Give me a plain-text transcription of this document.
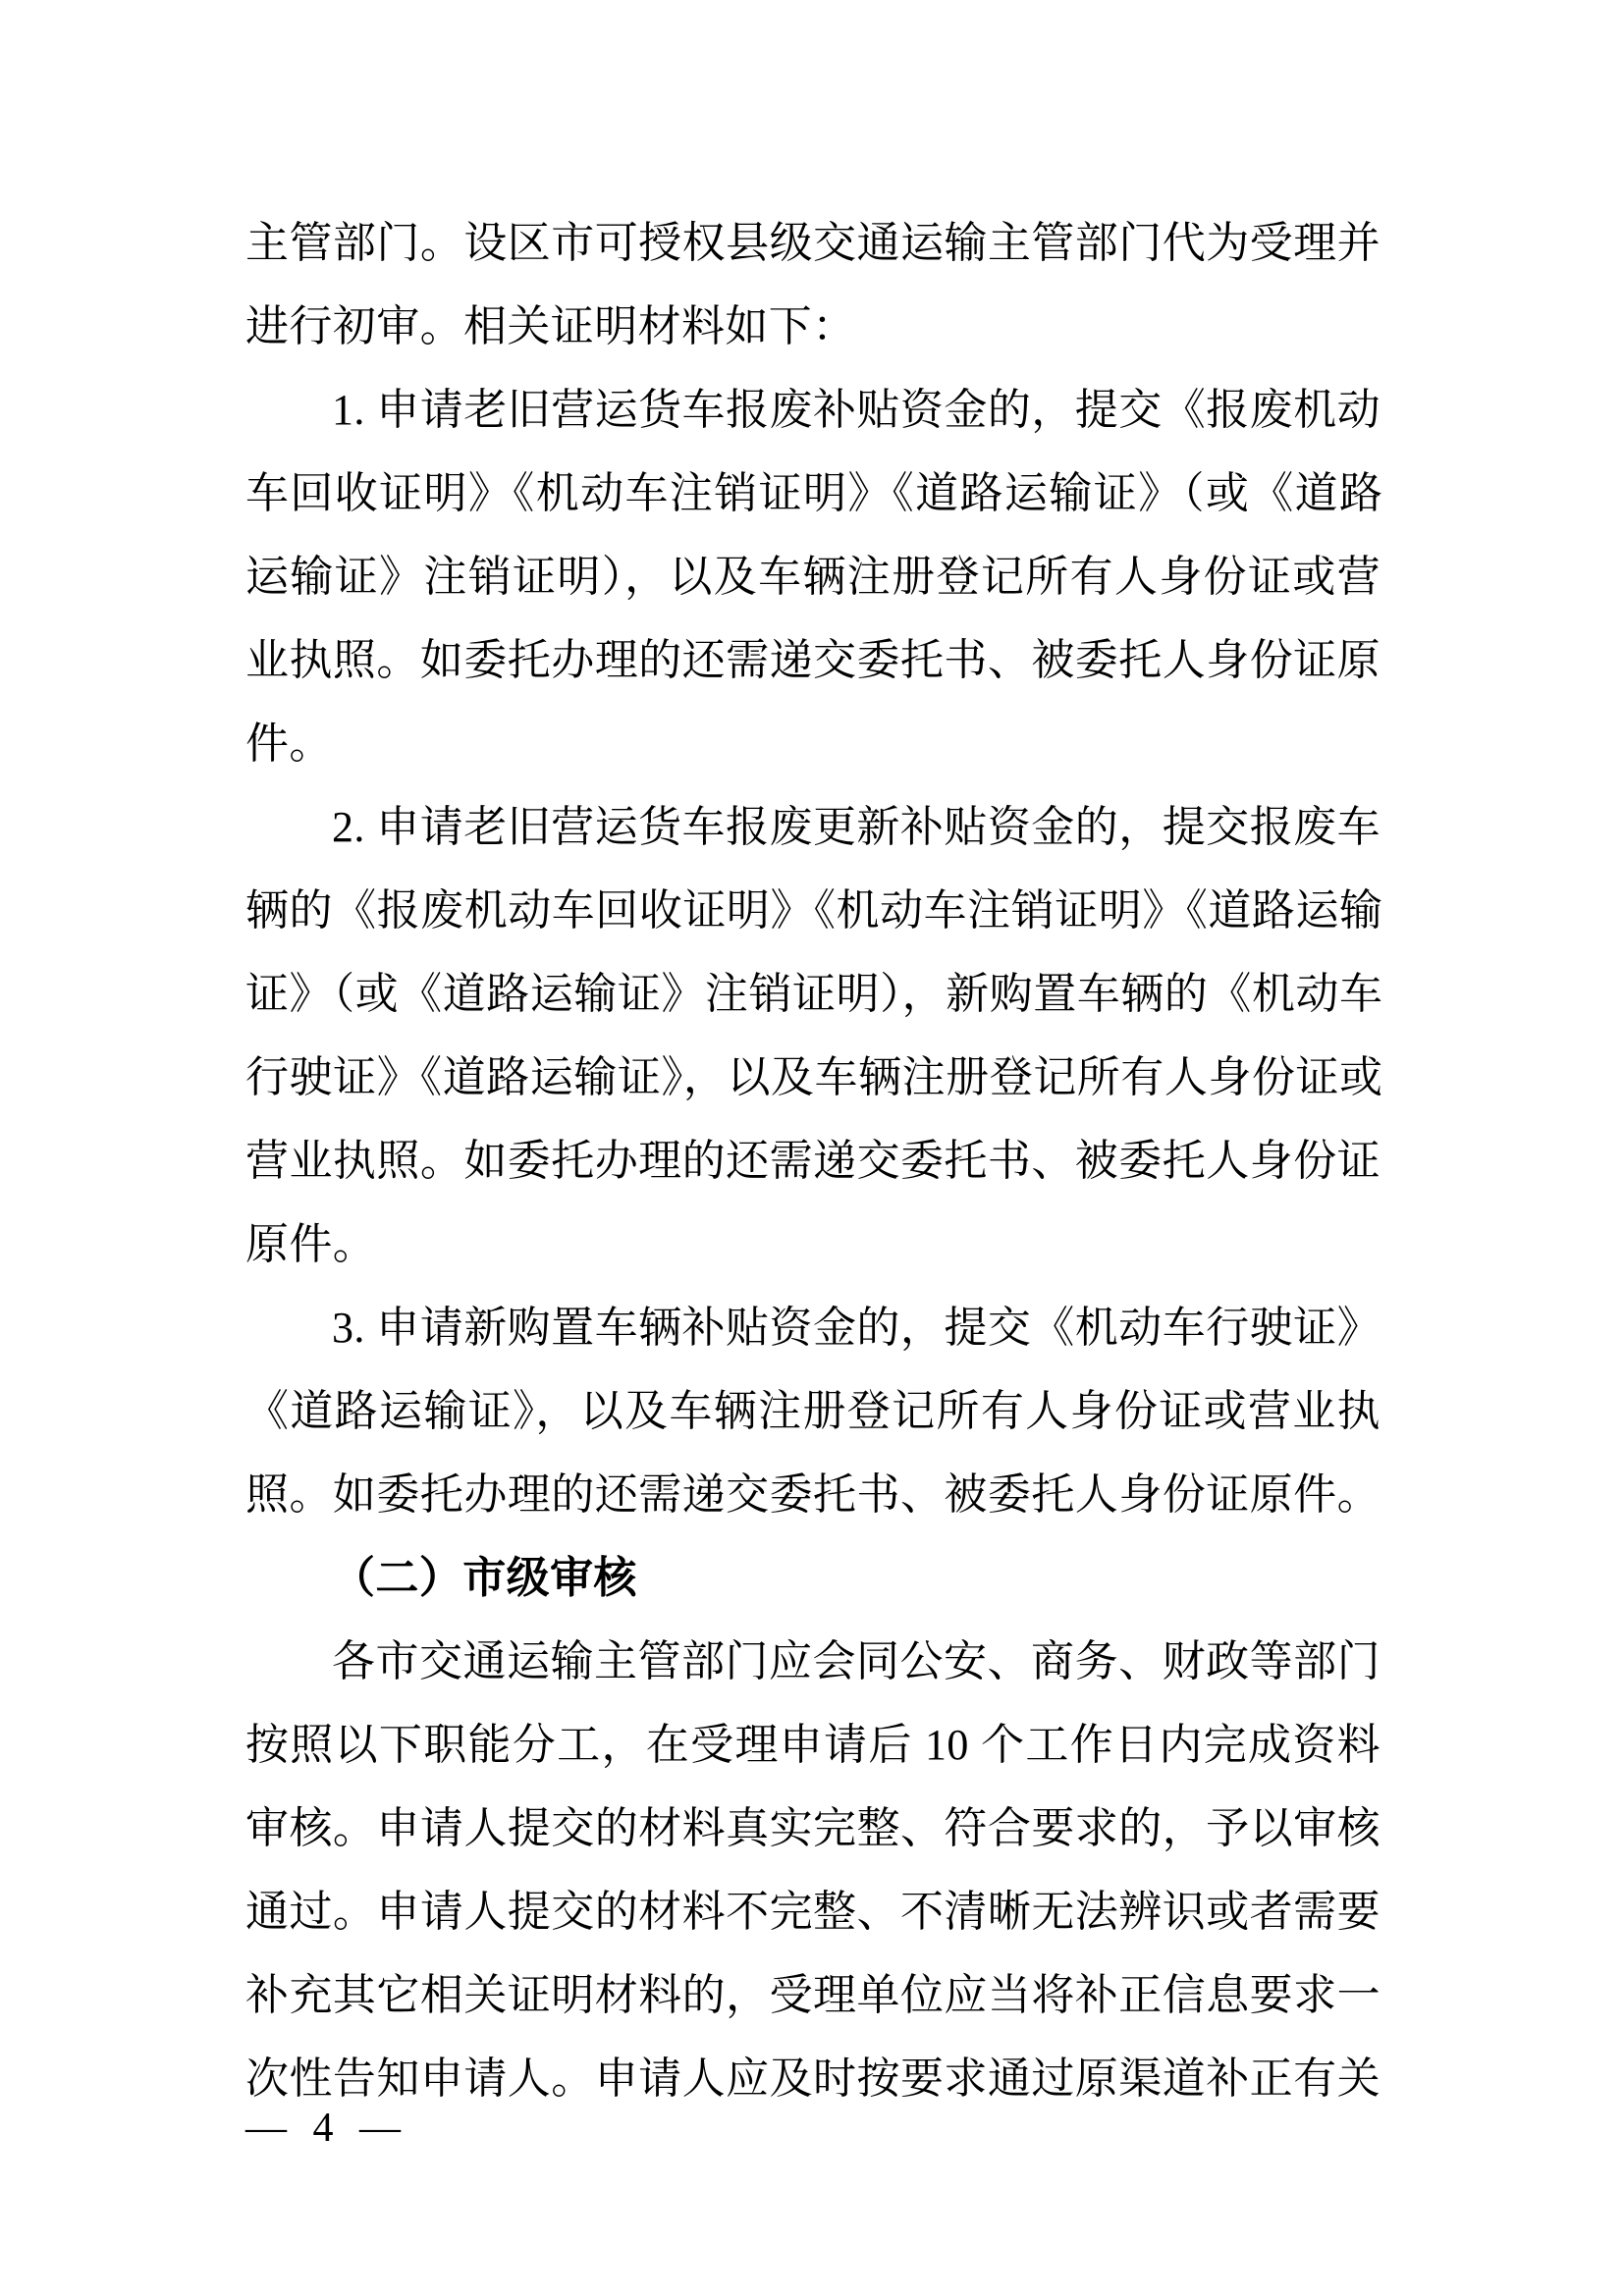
主管部门。设区市可授权县级交通运输主管部门代为受理并
进行初审。相关证明材料如下：
1. 申请老旧营运货车报废补贴资金的，提交《报废机动
车回收证明》《机动车注销证明》《道路运输证》（或《道路
运输证》注销证明），以及车辆注册登记所有人身份证或营
业执照。如委托办理的还需递交委托书、被委托人身份证原
件。
2. 申请老旧营运货车报废更新补贴资金的，提交报废车
辆的《报废机动车回收证明》《机动车注销证明》《道路运输
证》（或《道路运输证》注销证明），新购置车辆的《机动车
行驶证》《道路运输证》，以及车辆注册登记所有人身份证或
营业执照。如委托办理的还需递交委托书、被委托人身份证
原件。
3. 申请新购置车辆补贴资金的，提交《机动车行驶证》
《道路运输证》，以及车辆注册登记所有人身份证或营业执
照。如委托办理的还需递交委托书、被委托人身份证原件。
（二）市级审核
各市交通运输主管部门应会同公安、商务、财政等部门
按照以下职能分工，在受理申请后 10 个工作日内完成资料
审核。申请人提交的材料真实完整、符合要求的，予以审核
通过。申请人提交的材料不完整、不清晰无法辨识或者需要
补充其它相关证明材料的，受理单位应当将补正信息要求一
次性告知申请人。申请人应及时按要求通过原渠道补正有关
— 4 —
